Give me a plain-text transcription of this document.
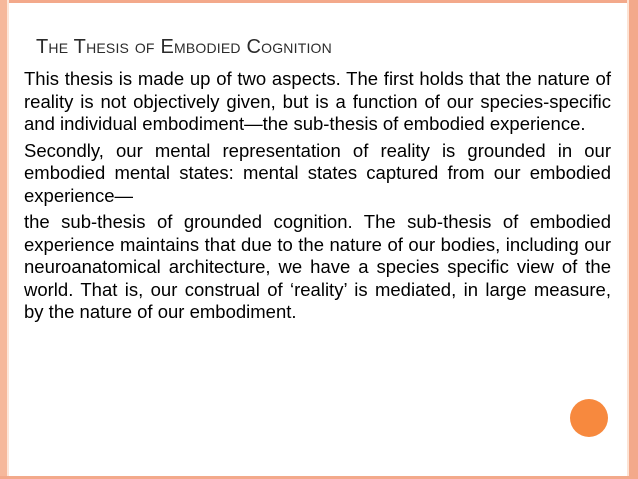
The Thesis of Embodied Cognition

This thesis is made up of two aspects. The first holds that the nature of reality is not objectively given, but is a function of our species-specific and individual embodiment—the sub-thesis of embodied experience.

Secondly, our mental representation of reality is grounded in our embodied mental states: mental states captured from our embodied experience—

the sub-thesis of grounded cognition. The sub-thesis of embodied experience maintains that due to the nature of our bodies, including our neuroanatomical architecture, we have a species specific view of the world. That is, our construal of ‘reality’ is mediated, in large measure, by the nature of our embodiment.
